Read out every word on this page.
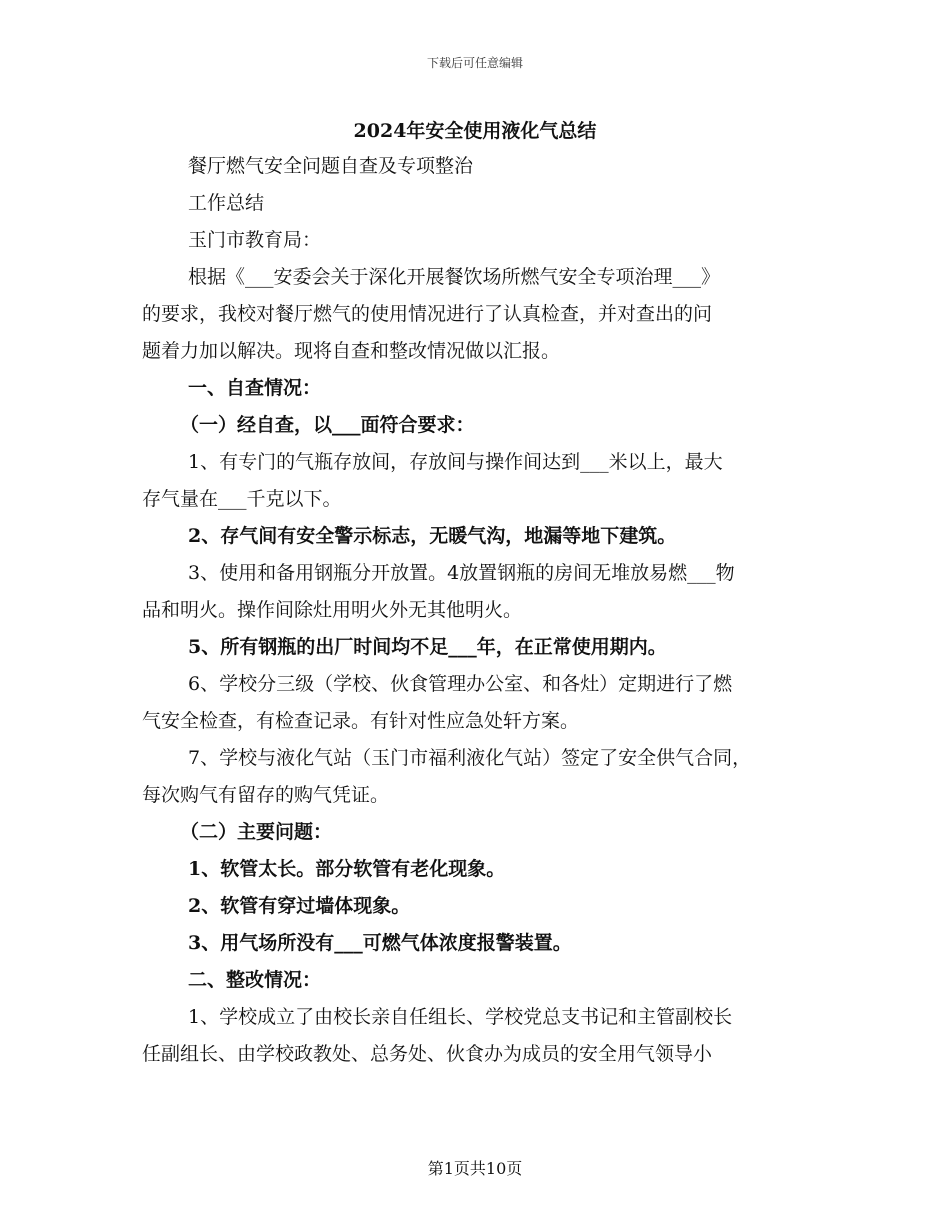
下载后可任意编辑
2024年安全使用液化气总结

餐厅燃气安全问题自查及专项整治

工作总结

玉门市教育局：

根据《___安委会关于深化开展餐饮场所燃气安全专项治理___》

的要求，我校对餐厅燃气的使用情况进行了认真检查，并对查出的问

题着力加以解决。现将自查和整改情况做以汇报。

一、自查情况：

（一）经自查，以___面符合要求：

1、有专门的气瓶存放间，存放间与操作间达到___米以上，最大

存气量在___千克以下。

2、存气间有安全警示标志，无暖气沟，地漏等地下建筑。

3、使用和备用钢瓶分开放置。4放置钢瓶的房间无堆放易燃___物

品和明火。操作间除灶用明火外无其他明火。

5、所有钢瓶的出厂时间均不足___年，在正常使用期内。

6、学校分三级（学校、伙食管理办公室、和各灶）定期进行了燃

气安全检查，有检查记录。有针对性应急处轩方案。

7、学校与液化气站（玉门市福利液化气站）签定了安全供气合同，

每次购气有留存的购气凭证。

（二）主要问题：

1、软管太长。部分软管有老化现象。

2、软管有穿过墙体现象。

3、用气场所没有___可燃气体浓度报警装置。

二、整改情况：

1、学校成立了由校长亲自任组长、学校党总支书记和主管副校长

任副组长、由学校政教处、总务处、伙食办为成员的安全用气领导小

第1页共10页
